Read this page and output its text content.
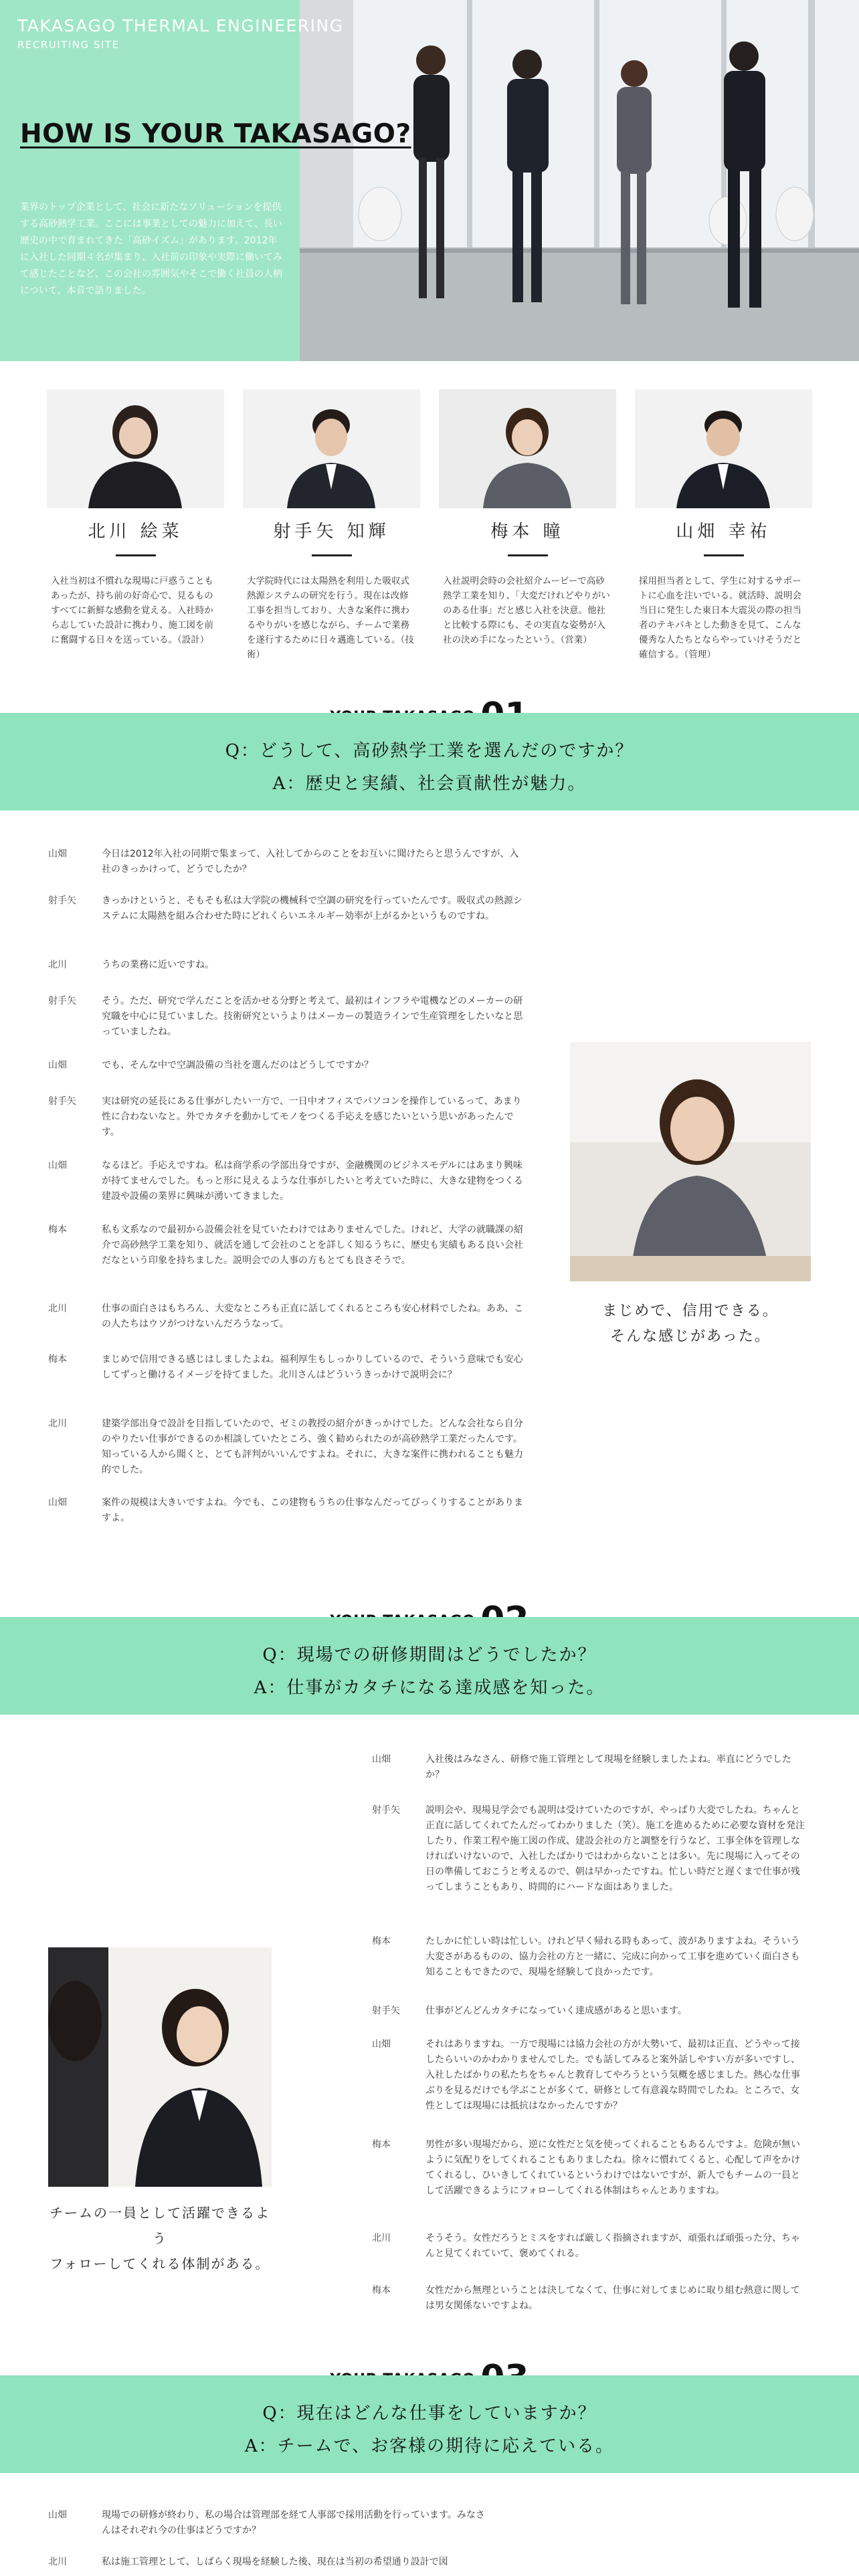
TAKASAGO THERMAL ENGINEERING
RECRUITING SITE
HOW IS YOUR TAKASAGO?

業界のトップ企業として、社会に新たなソリューションを提供する高砂熱学工業。ここには事業としての魅力に加えて、長い歴史の中で育まれてきた「高砂イズム」があります。2012年に入社した同期４名が集まり、入社前の印象や実際に働いてみて感じたことなど、この会社の雰囲気やそこで働く社員の人柄について、本音で語りました。

北川 絵菜

入社当初は不慣れな現場に戸惑うこともあったが、持ち前の好奇心で、見るものすべてに新鮮な感動を覚える。入社時から志していた設計に携わり、施工図を前に奮闘する日々を送っている。（設計）

射手矢 知輝

大学院時代には太陽熱を利用した吸収式熱源システムの研究を行う。現在は改修工事を担当しており、大きな案件に携わるやりがいを感じながら、チームで業務を遂行するために日々邁進している。（技術）

梅本 瞳

入社説明会時の会社紹介ムービーで高砂熱学工業を知り、「大変だけれどやりがいのある仕事」だと感じ入社を決意。他社と比較する際にも、その実直な姿勢が入社の決め手になったという。（営業）

山畑 幸祐

採用担当者として、学生に対するサポートに心血を注いでいる。就活時、説明会当日に発生した東日本大震災の際の担当者のテキパキとした動きを見て、こんな優秀な人たちとならやっていけそうだと確信する。（管理）

Q：どうして、高砂熱学工業を選んだのですか？
A：歴史と実績、社会貢献性が魅力。
山畑	今日は2012年入社の同期で集まって、入社してからのことをお互いに聞けたらと思うんですが、入社のきっかけって、どうでしたか？
射手矢	きっかけというと、そもそも私は大学院の機械科で空調の研究を行っていたんです。吸収式の熱源システムに太陽熱を組み合わせた時にどれくらいエネルギー効率が上がるかというものですね。
北川	うちの業務に近いですね。
射手矢	そう。ただ、研究で学んだことを活かせる分野と考えて、最初はインフラや電機などのメーカーの研究職を中心に見ていました。技術研究というよりはメーカーの製造ラインで生産管理をしたいなと思っていましたね。
山畑	でも、そんな中で空調設備の当社を選んだのはどうしてですか？
射手矢	実は研究の延長にある仕事がしたい一方で、一日中オフィスでパソコンを操作しているって、あまり性に合わないなと。外でカタチを動かしてモノをつくる手応えを感じたいという思いがあったんです。
山畑	なるほど。手応えですね。私は商学系の学部出身ですが、金融機関のビジネスモデルにはあまり興味が持てませんでした。もっと形に見えるような仕事がしたいと考えていた時に、大きな建物をつくる建設や設備の業界に興味が湧いてきました。
梅本	私も文系なので最初から設備会社を見ていたわけではありませんでした。けれど、大学の就職課の紹介で高砂熱学工業を知り、就活を通して会社のことを詳しく知るうちに、歴史も実績もある良い会社だなという印象を持ちました。説明会での人事の方もとても良さそうで。
北川	仕事の面白さはもちろん、大変なところも正直に話してくれるところも安心材料でしたね。ああ、この人たちはウソがつけないんだろうなって。
梅本	まじめで信用できる感じはしましたよね。福利厚生もしっかりしているので、そういう意味でも安心してずっと働けるイメージを持てました。北川さんはどういうきっかけで説明会に？
北川	建築学部出身で設計を目指していたので、ゼミの教授の紹介がきっかけでした。どんな会社なら自分のやりたい仕事ができるのか相談していたところ、強く勧められたのが高砂熱学工業だったんです。知っている人から聞くと、とても評判がいいんですよね。それに、大きな案件に携われることも魅力的でした。
山畑	案件の規模は大きいですよね。今でも、この建物もうちの仕事なんだってびっくりすることがありますよ。
まじめで、信用できる。
そんな感じがあった。
Q：現場での研修期間はどうでしたか？
A：仕事がカタチになる達成感を知った。
チームの一員として活躍できるよう
フォローしてくれる体制がある。
山畑	入社後はみなさん、研修で施工管理として現場を経験しましたよね。率直にどうでしたか？
射手矢	説明会や、現場見学会でも説明は受けていたのですが、やっぱり大変でしたね。ちゃんと正直に話してくれてたんだってわかりました（笑）。施工を進めるために必要な資材を発注したり、作業工程や施工図の作成、建設会社の方と調整を行うなど、工事全体を管理しなければいけないので、入社したばかりではわからないことは多い。先に現場に入ってその日の準備しておこうと考えるので、朝は早かったですね。忙しい時だと遅くまで仕事が残ってしまうこともあり、時間的にハードな面はありました。
梅本	たしかに忙しい時は忙しい。けれど早く帰れる時もあって、波がありますよね。そういう大変さがあるものの、協力会社の方と一緒に、完成に向かって工事を進めていく面白さも知ることもできたので、現場を経験して良かったです。
射手矢	仕事がどんどんカタチになっていく達成感があると思います。
山畑	それはありますね。一方で現場には協力会社の方が大勢いて、最初は正直、どうやって接したらいいのかわかりませんでした。でも話してみると案外話しやすい方が多いですし、入社したばかりの私たちをちゃんと教育してやろうという気概を感じました。熱心な仕事ぶりを見るだけでも学ぶことが多くて、研修として有意義な時間でしたね。ところで、女性としては現場には抵抗はなかったんですか？
梅本	男性が多い現場だから、逆に女性だと気を使ってくれることもあるんですよ。危険が無いように気配りをしてくれることもありましたね。徐々に慣れてくると、心配して声をかけてくれるし、ひいきしてくれているというわけではないですが、新人でもチームの一員として活躍できるようにフォローしてくれる体制はちゃんとありますね。
北川	そうそう。女性だろうとミスをすれば厳しく指摘されますが、頑張れば頑張った分、ちゃんと見てくれていて、褒めてくれる。
梅本	女性だから無理ということは決してなくて、仕事に対してまじめに取り組む熱意に関しては男女関係ないですよね。
Q：現在はどんな仕事をしていますか？
A：チームで、お客様の期待に応えている。
山畑	現場での研修が終わり、私の場合は管理部を経て人事部で採用活動を行っています。みなさんはそれぞれ今の仕事はどうですか？
北川	私は施工管理として、しばらく現場を経験した後、現在は当初の希望通り設計で図
